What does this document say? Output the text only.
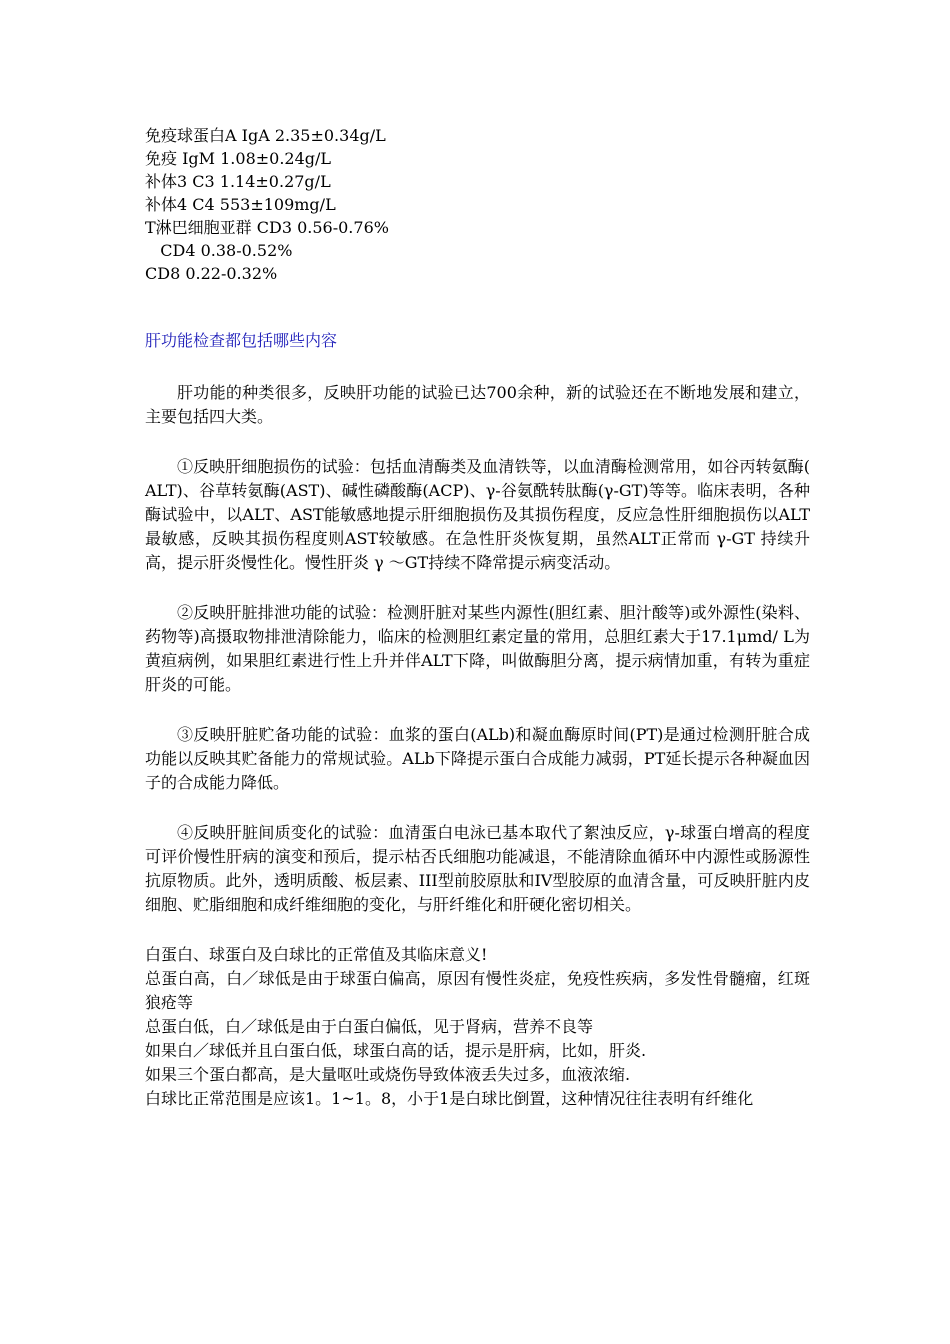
免疫球蛋白A IgA 2.35±0.34g/L
免疫 IgM 1.08±0.24g/L
补体3 C3 1.14±0.27g/L
补体4 C4 553±109mg/L
T淋巴细胞亚群 CD3 0.56-0.76%
CD4 0.38-0.52%
CD8 0.22-0.32%
肝功能检查都包括哪些内容
肝功能的种类很多，反映肝功能的试验已达700余种，新的试验还在不断地发展和建立，主要包括四大类。
①反映肝细胞损伤的试验：包括血清酶类及血清铁等，以血清酶检测常用，如谷丙转氨酶( ALT)、谷草转氨酶(AST)、碱性磷酸酶(ACP)、γ-谷氨酰转肽酶(γ-GT)等等。临床表明，各种酶试验中，以ALT、AST能敏感地提示肝细胞损伤及其损伤程度，反应急性肝细胞损伤以ALT最敏感，反映其损伤程度则AST较敏感。在急性肝炎恢复期，虽然ALT正常而 γ-GT 持续升高，提示肝炎慢性化。慢性肝炎 γ ～GT持续不降常提示病变活动。
②反映肝脏排泄功能的试验：检测肝脏对某些内源性(胆红素、胆汁酸等)或外源性(染料、药物等)高摄取物排泄清除能力，临床的检测胆红素定量的常用，总胆红素大于17.1μmd/ L为黄疸病例，如果胆红素进行性上升并伴ALT下降，叫做酶胆分离，提示病情加重，有转为重症肝炎的可能。
③反映肝脏贮备功能的试验：血浆的蛋白(ALb)和凝血酶原时间(PT)是通过检测肝脏合成功能以反映其贮备能力的常规试验。ALb下降提示蛋白合成能力减弱，PT延长提示各种凝血因子的合成能力降低。
④反映肝脏间质变化的试验：血清蛋白电泳已基本取代了絮浊反应，γ-球蛋白增高的程度可评价慢性肝病的演变和预后，提示枯否氏细胞功能减退，不能清除血循环中内源性或肠源性抗原物质。此外，透明质酸、板层素、III型前胶原肽和IV型胶原的血清含量，可反映肝脏内皮细胞、贮脂细胞和成纤维细胞的变化，与肝纤维化和肝硬化密切相关。
白蛋白、球蛋白及白球比的正常值及其临床意义!
总蛋白高，白／球低是由于球蛋白偏高，原因有慢性炎症，免疫性疾病，多发性骨髓瘤，红斑狼疮等
总蛋白低，白／球低是由于白蛋白偏低，见于肾病，营养不良等
如果白／球低并且白蛋白低，球蛋白高的话，提示是肝病，比如，肝炎.
如果三个蛋白都高，是大量呕吐或烧伤导致体液丢失过多，血液浓缩.
白球比正常范围是应该1。1~1。8，小于1是白球比倒置，这种情况往往表明有纤维化
